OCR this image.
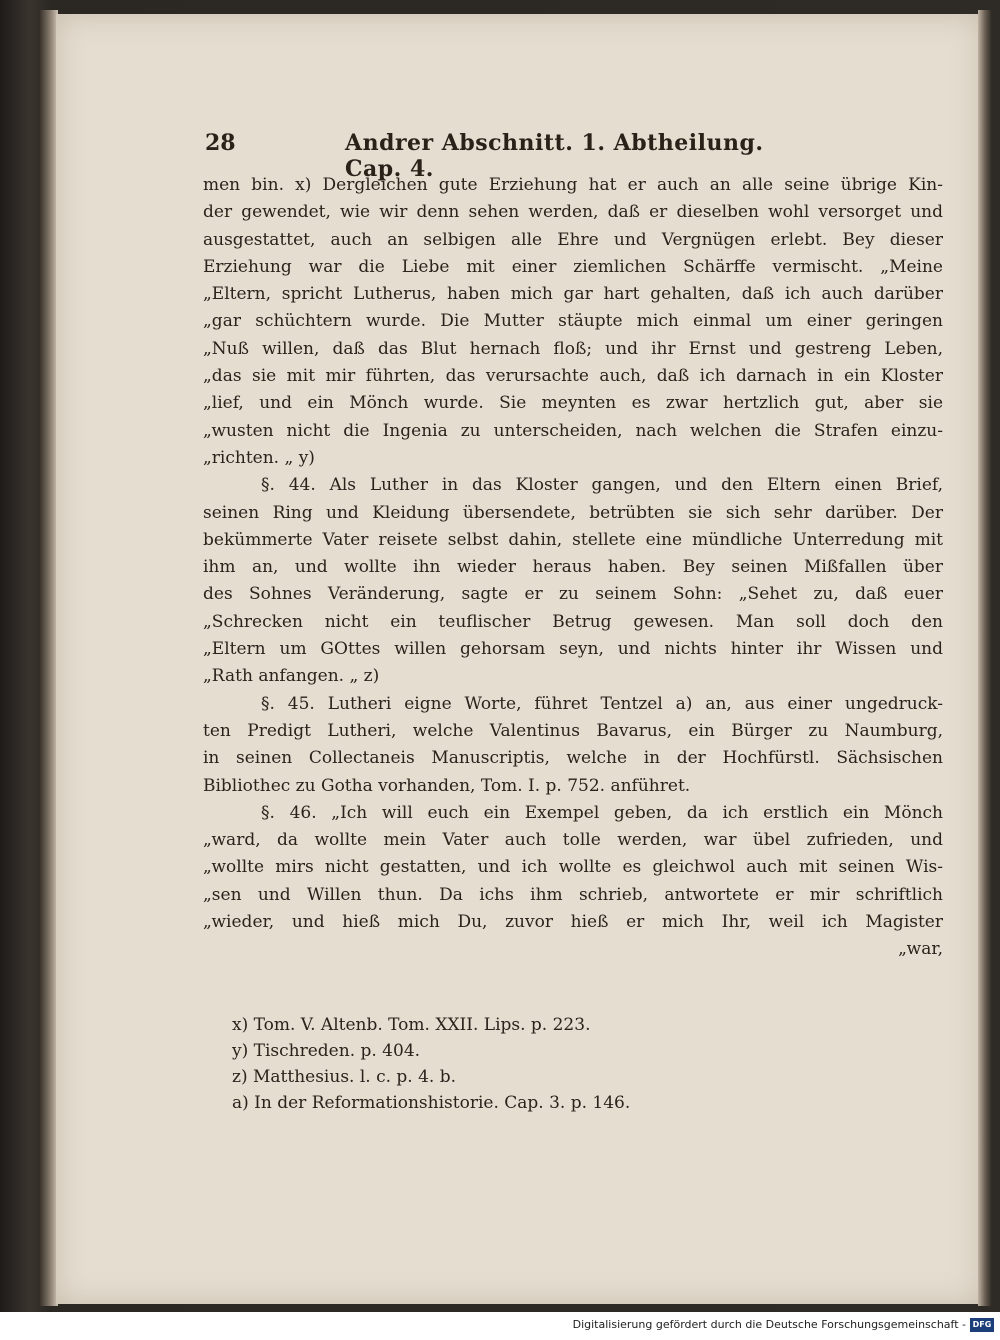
28	Andrer Abschnitt. 1. Abtheilung. Cap. 4.
men bin. x) Dergleichen gute Erziehung hat er auch an alle seine übrige Kin-
der gewendet, wie wir denn sehen werden, daß er dieselben wohl versorget und
ausgestattet, auch an selbigen alle Ehre und Vergnügen erlebt. Bey dieser
Erziehung war die Liebe mit einer ziemlichen Schärffe vermischt. „Meine
„Eltern, spricht Lutherus, haben mich gar hart gehalten, daß ich auch darüber
„gar schüchtern wurde. Die Mutter stäupte mich einmal um einer geringen
„Nuß willen, daß das Blut hernach floß; und ihr Ernst und gestreng Leben,
„das sie mit mir führten, das verursachte auch, daß ich darnach in ein Kloster
„lief, und ein Mönch wurde. Sie meynten es zwar hertzlich gut, aber sie
„wusten nicht die Ingenia zu unterscheiden, nach welchen die Strafen einzu-
„richten. „ y)
§. 44. Als Luther in das Kloster gangen, und den Eltern einen Brief,
seinen Ring und Kleidung übersendete, betrübten sie sich sehr darüber. Der
bekümmerte Vater reisete selbst dahin, stellete eine mündliche Unterredung mit
ihm an, und wollte ihn wieder heraus haben. Bey seinen Mißfallen über
des Sohnes Veränderung, sagte er zu seinem Sohn: „Sehet zu, daß euer
„Schrecken nicht ein teuflischer Betrug gewesen. Man soll doch den
„Eltern um GOttes willen gehorsam seyn, und nichts hinter ihr Wissen und
„Rath anfangen. „ z)
§. 45. Lutheri eigne Worte, führet Tentzel a) an, aus einer ungedruck-
ten Predigt Lutheri, welche Valentinus Bavarus, ein Bürger zu Naumburg,
in seinen Collectaneis Manuscriptis, welche in der Hochfürstl. Sächsischen
Bibliothec zu Gotha vorhanden, Tom. I. p. 752. anführet.
§. 46. „Ich will euch ein Exempel geben, da ich erstlich ein Mönch
„ward, da wollte mein Vater auch tolle werden, war übel zufrieden, und
„wollte mirs nicht gestatten, und ich wollte es gleichwol auch mit seinen Wis-
„sen und Willen thun. Da ichs ihm schrieb, antwortete er mir schriftlich
„wieder, und hieß mich Du, zuvor hieß er mich Ihr, weil ich Magister
„war,
x) Tom. V. Altenb. Tom. XXII. Lips. p. 223.
y) Tischreden. p. 404.
z) Matthesius. l. c. p. 4. b.
a) In der Reformationshistorie. Cap. 3. p. 146.
Digitalisierung gefördert durch die Deutsche Forschungsgemeinschaft - DFG
